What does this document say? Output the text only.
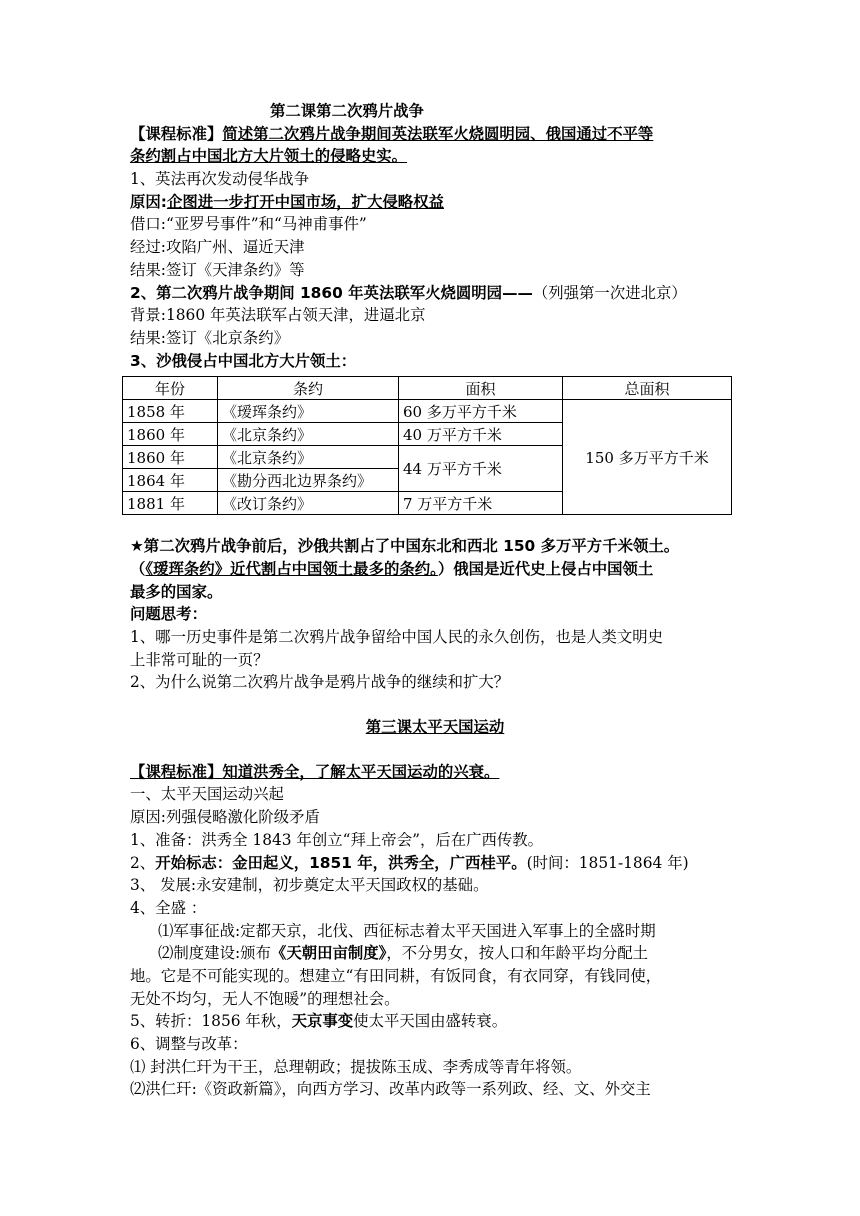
第二课第二次鸦片战争
【课程标准】简述第二次鸦片战争期间英法联军火烧圆明园、俄国通过不平等
条约割占中国北方大片领土的侵略史实。
1、英法再次发动侵华战争
原因:企图进一步打开中国市场，扩大侵略权益
借口:“亚罗号事件”和“马神甫事件”
经过:攻陷广州、逼近天津
结果:签订《天津条约》等
2、第二次鸦片战争期间 1860 年英法联军火烧圆明园——（列强第一次进北京）
背景:1860 年英法联军占领天津，进逼北京
结果:签订《北京条约》
3、沙俄侵占中国北方大片领土：
年份	条约	面积	总面积
1858 年	《瑷珲条约》	60 多万平方千米	150 多万平方千米
1860 年	《北京条约》	40 万平方千米	
1860 年	《北京条约》	44 万平方千米	
1864 年	《勘分西北边界条约》		
1881 年	《改订条约》	7 万平方千米	
★第二次鸦片战争前后，沙俄共割占了中国东北和西北 150 多万平方千米领土。
（《瑷珲条约》近代割占中国领土最多的条约。）俄国是近代史上侵占中国领土
最多的国家。
问题思考：
1、哪一历史事件是第二次鸦片战争留给中国人民的永久创伤，也是人类文明史
上非常可耻的一页？
2、为什么说第二次鸦片战争是鸦片战争的继续和扩大？
第三课太平天国运动
【课程标准】知道洪秀全，了解太平天国运动的兴衰。
一、太平天国运动兴起
原因:列强侵略激化阶级矛盾
1、准备：洪秀全 1843 年创立“拜上帝会”，后在广西传教。
2、开始标志：金田起义，1851 年，洪秀全，广西桂平。(时间：1851-1864 年)
3、 发展:永安建制，初步奠定太平天国政权的基础。
4、全盛 ：
⑴军事征战:定都天京，北伐、西征标志着太平天国进入军事上的全盛时期
⑵制度建设:颁布《天朝田亩制度》，不分男女，按人口和年龄平均分配土
地。它是不可能实现的。想建立“有田同耕，有饭同食，有衣同穿，有钱同使，
无处不均匀，无人不饱暖”的理想社会。
5、转折：1856 年秋，天京事变使太平天国由盛转衰。
6、调整与改革：
⑴ 封洪仁玕为干王，总理朝政；提拔陈玉成、李秀成等青年将领。
⑵洪仁玕:《资政新篇》，向西方学习、改革内政等一系列政、经、文、外交主
